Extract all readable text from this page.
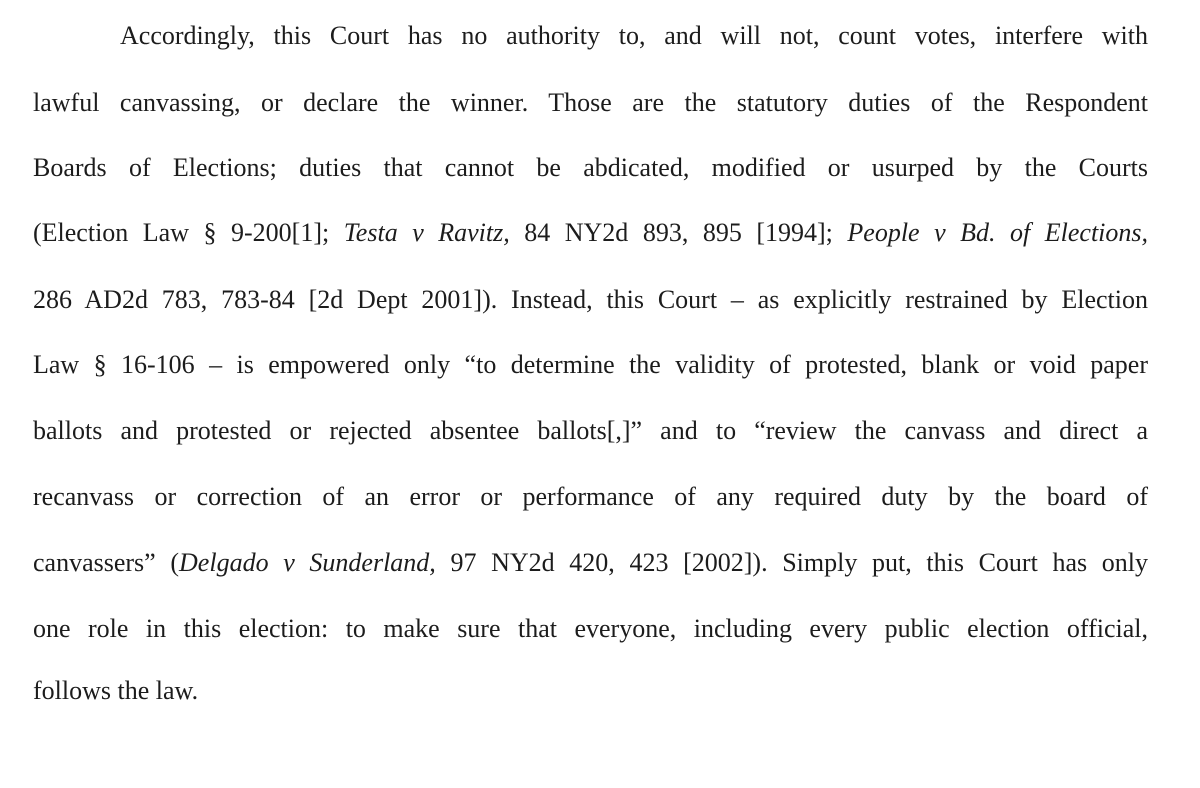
Accordingly, this Court has no authority to, and will not, count votes, interfere with
lawful canvassing, or declare the winner. Those are the statutory duties of the Respondent
Boards of Elections; duties that cannot be abdicated, modified or usurped by the Courts
(Election Law § 9-200[1]; Testa v Ravitz, 84 NY2d 893, 895 [1994]; People v Bd. of Elections,
286 AD2d 783, 783-84 [2d Dept 2001]). Instead, this Court – as explicitly restrained by Election
Law § 16-106 – is empowered only “to determine the validity of protested, blank or void paper
ballots and protested or rejected absentee ballots[,]” and to “review the canvass and direct a
recanvass or correction of an error or performance of any required duty by the board of
canvassers” (Delgado v Sunderland, 97 NY2d 420, 423 [2002]). Simply put, this Court has only
one role in this election: to make sure that everyone, including every public election official,
follows the law.
